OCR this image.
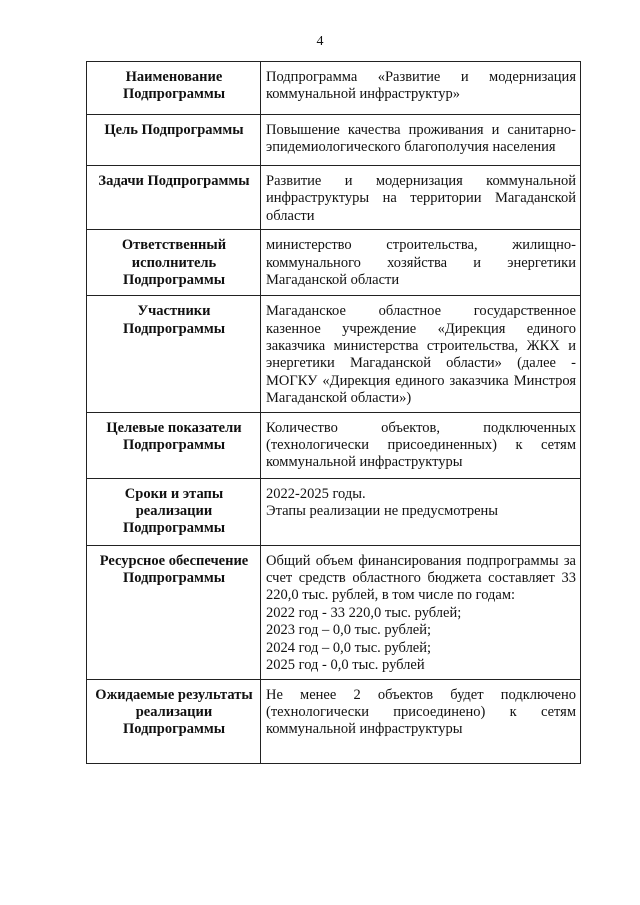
4
Наименование Подпрограммы	Подпрограмма «Развитие и модернизация коммунальной инфраструктур»

Цель Подпрограммы	Повышение качества проживания и санитарно-эпидемиологического благополучия населения

Задачи Подпрограммы	Развитие и модернизация коммунальной инфраструктуры на территории Магаданской области

Ответственный исполнитель Подпрограммы	министерство строительства, жилищно-коммунального хозяйства и энергетики Магаданской области

Участники Подпрограммы	Магаданское областное государственное казенное учреждение «Дирекция единого заказчика министерства строительства, ЖКХ и энергетики Магаданской области» (далее - МОГКУ «Дирекция единого заказчика Минстроя Магаданской области»)

Целевые показатели Подпрограммы	Количество объектов, подключенных (технологически присоединенных) к сетям коммунальной инфраструктуры

Сроки и этапы реализации Подпрограммы	2022-2025 годы.
Этапы реализации не предусмотрены

Ресурсное обеспечение Подпрограммы	Общий объем финансирования подпрограммы за счет средств областного бюджета составляет 33 220,0 тыс. рублей, в том числе по годам:
2022 год - 33 220,0 тыс. рублей;
2023 год – 0,0 тыс. рублей;
2024 год – 0,0 тыс. рублей;
2025 год - 0,0 тыс. рублей

Ожидаемые результаты реализации Подпрограммы	Не менее 2 объектов будет подключено (технологически присоединено) к сетям коммунальной инфраструктуры
